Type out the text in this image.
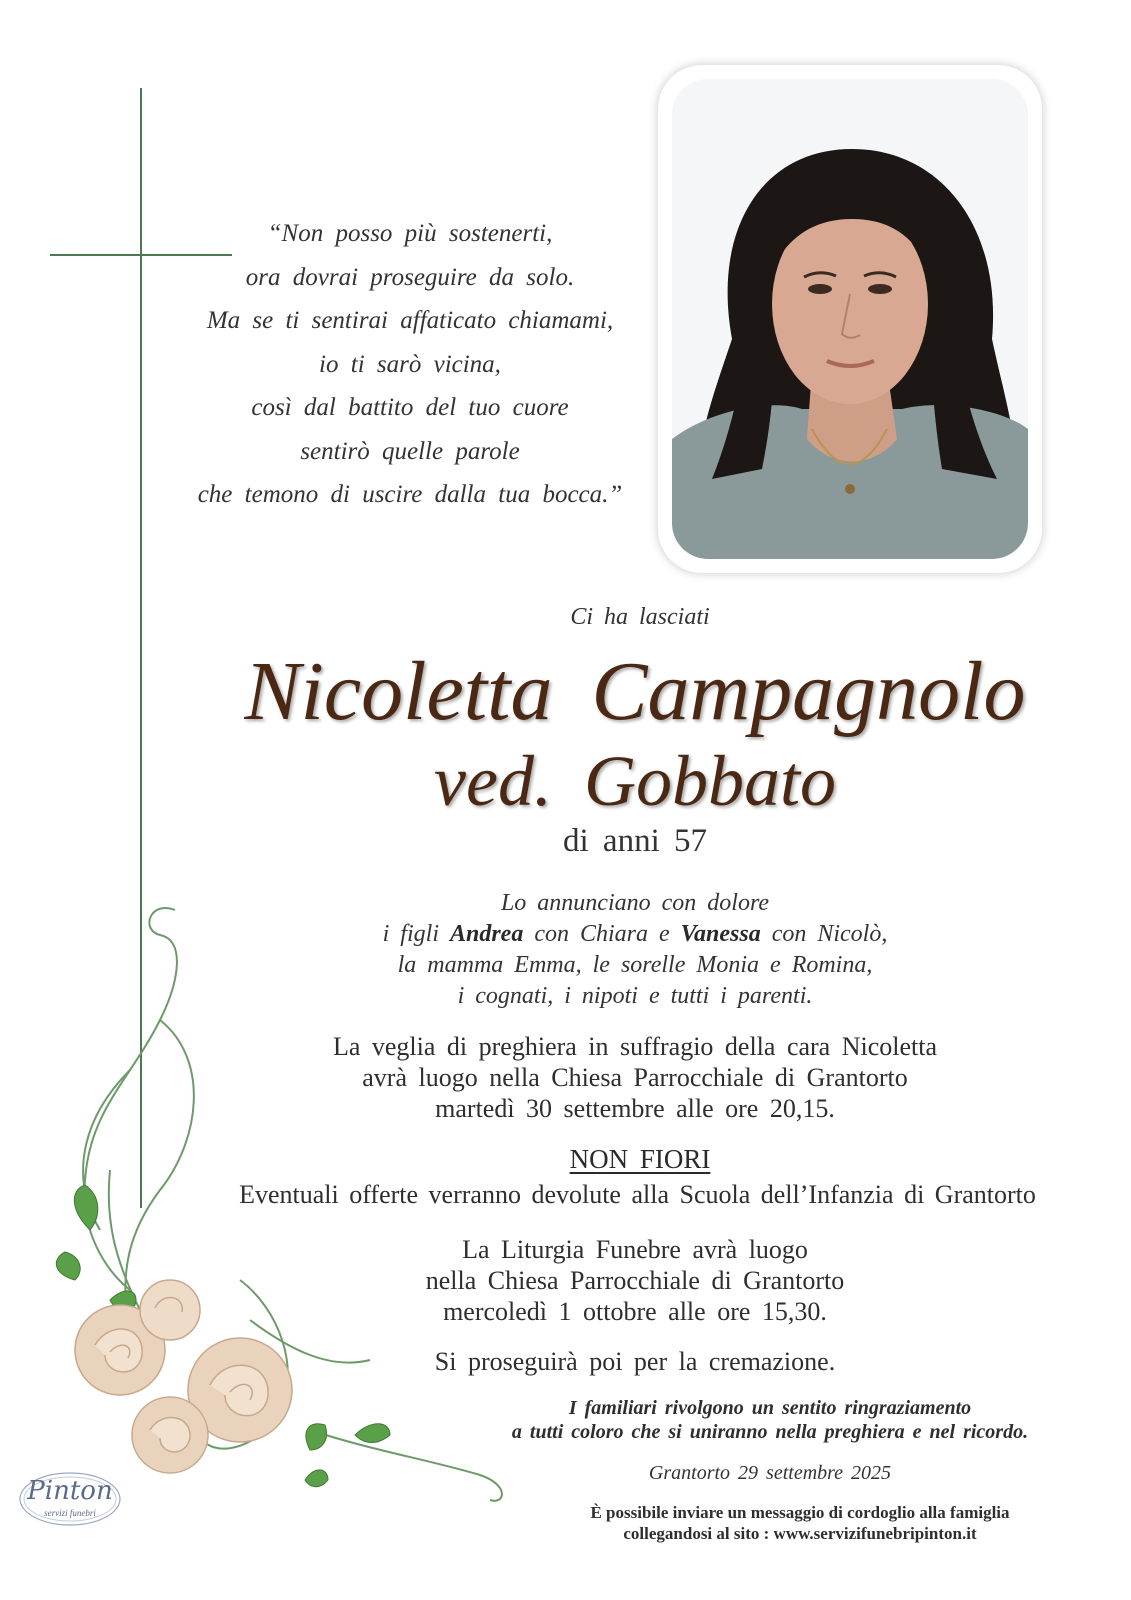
“Non posso più sostenerti,
ora dovrai proseguire da solo.
Ma se ti sentirai affaticato chiamami,
io ti sarò vicina,
così dal battito del tuo cuore
sentirò quelle parole
che temono di uscire dalla tua bocca.”
Ci ha lasciati
Nicoletta Campagnolo
ved. Gobbato
di anni 57
Lo annunciano con dolore
i figli Andrea con Chiara e Vanessa con Nicolò,
la mamma Emma, le sorelle Monia e Romina,
i cognati, i nipoti e tutti i parenti.
La veglia di preghiera in suffragio della cara Nicoletta
avrà luogo nella Chiesa Parrocchiale di Grantorto
martedì 30 settembre alle ore 20,15.
NON FIORI
Eventuali offerte verranno devolute alla Scuola dell’Infanzia di Grantorto
La Liturgia Funebre avrà luogo
nella Chiesa Parrocchiale di Grantorto
mercoledì 1 ottobre alle ore 15,30.
Si proseguirà poi per la cremazione.
I familiari rivolgono un sentito ringraziamento
a tutti coloro che si uniranno nella preghiera e nel ricordo.
Grantorto 29 settembre 2025
È possibile inviare un messaggio di cordoglio alla famiglia
collegandosi al sito : www.servizifunebripinton.it
Pinton
servizi funebri
